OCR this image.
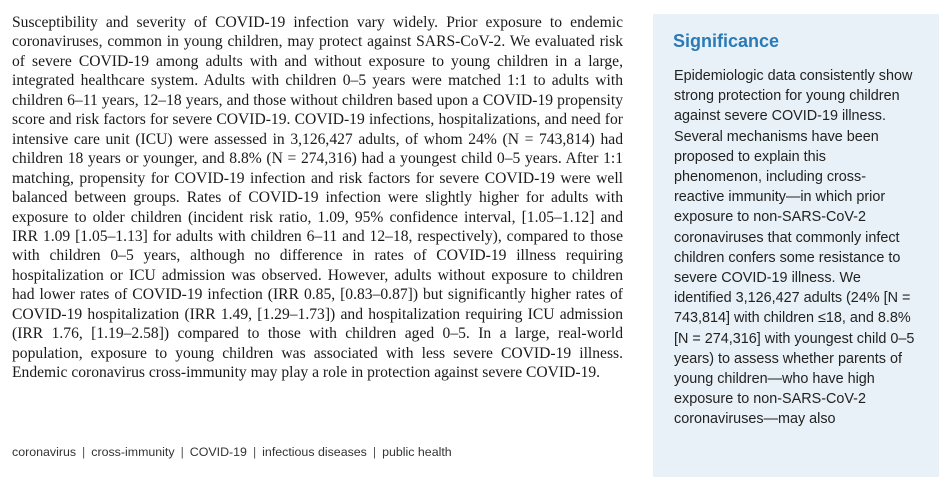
Susceptibility and severity of COVID-19 infection vary widely. Prior exposure to endemic coronaviruses, common in young children, may protect against SARS-CoV-2. We evaluated risk of severe COVID-19 among adults with and without exposure to young children in a large, integrated healthcare system. Adults with children 0–5 years were matched 1:1 to adults with children 6–11 years, 12–18 years, and those without children based upon a COVID-19 propensity score and risk factors for severe COVID-19. COVID-19 infections, hospitalizations, and need for intensive care unit (ICU) were assessed in 3,126,427 adults, of whom 24% (N = 743,814) had children 18 years or younger, and 8.8% (N = 274,316) had a youngest child 0–5 years. After 1:1 matching, propensity for COVID-19 infection and risk factors for severe COVID-19 were well balanced between groups. Rates of COVID-19 infection were slightly higher for adults with exposure to older children (incident risk ratio, 1.09, 95% confidence interval, [1.05–1.12] and IRR 1.09 [1.05–1.13] for adults with children 6–11 and 12–18, respectively), compared to those with children 0–5 years, although no difference in rates of COVID-19 illness requiring hospitalization or ICU admission was observed. However, adults without exposure to children had lower rates of COVID-19 infection (IRR 0.85, [0.83–0.87]) but significantly higher rates of COVID-19 hospitalization (IRR 1.49, [1.29–1.73]) and hospitalization requiring ICU admission (IRR 1.76, [1.19–2.58]) compared to those with children aged 0–5. In a large, real-world population, exposure to young children was associated with less severe COVID-19 illness. Endemic coronavirus cross-immunity may play a role in protection against severe COVID-19.

coronavirus | cross-immunity | COVID-19 | infectious diseases | public health
Significance

Epidemiologic data consistently show strong protection for young children against severe COVID-19 illness. Several mechanisms have been proposed to explain this phenomenon, including cross-reactive immunity—in which prior exposure to non-SARS-CoV-2 coronaviruses that commonly infect children confers some resistance to severe COVID-19 illness. We identified 3,126,427 adults (24% [N = 743,814] with children ≤18, and 8.8% [N = 274,316] with youngest child 0–5 years) to assess whether parents of young children—who have high exposure to non-SARS-CoV-2 coronaviruses—may also
